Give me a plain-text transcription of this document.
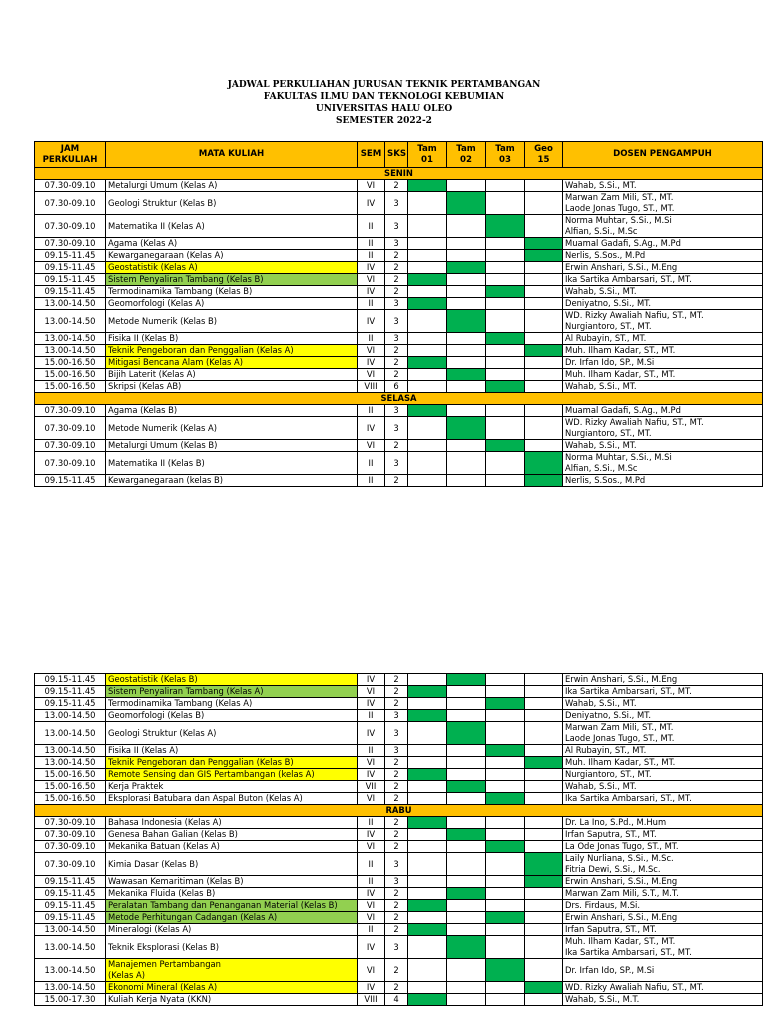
JADWAL PERKULIAHAN JURUSAN TEKNIK PERTAMBANGAN
FAKULTAS ILMU DAN TEKNOLOGI KEBUMIAN
UNIVERSITAS HALU OLEO
SEMESTER 2022-2
JAM PERKULIAH	MATA KULIAH	SEM	SKS	Tam 01	Tam 02	Tam 03	Geo 15	DOSEN PENGAMPUH
SENIN								
07.30-09.10	Metalurgi Umum (Kelas A)	VI	2					Wahab, S.Si., MT.

07.30-09.10	Geologi Struktur (Kelas B)	IV	3					Marwan Zam Mili, ST., MT.
Laode Jonas Tugo, ST., MT.

07.30-09.10	Matematika II (Kelas A)	II	3					Norma Muhtar, S.Si., M.Si
Alfian, S.Si., M.Sc

07.30-09.10	Agama (Kelas A)	II	3					Muamal Gadafi, S.Ag., M.Pd

09.15-11.45	Kewarganegaraan (Kelas A)	II	2					Nerlis, S.Sos., M.Pd

09.15-11.45	Geostatistik (Kelas A)	IV	2					Erwin Anshari, S.Si., M.Eng

09.15-11.45	Sistem Penyaliran Tambang (Kelas B)	VI	2					Ika Sartika Ambarsari, ST., MT.

09.15-11.45	Termodinamika Tambang (Kelas B)	IV	2					Wahab, S.Si., MT.

13.00-14.50	Geomorfologi (Kelas A)	II	3					Deniyatno, S.Si., MT.

13.00-14.50	Metode Numerik (Kelas B)	IV	3					WD. Rizky Awaliah Nafiu, ST., MT.
Nurgiantoro, ST., MT.

13.00-14.50	Fisika II (Kelas B)	II	3					Al Rubayin, ST., MT.

13.00-14.50	Teknik Pengeboran dan Penggalian (Kelas A)	VI	2					Muh. Ilham Kadar, ST., MT.

15.00-16.50	Mitigasi Bencana Alam (Kelas A)	IV	2					Dr. Irfan Ido, SP., M.Si

15.00-16.50	Bijih Laterit (Kelas A)	VI	2					Muh. Ilham Kadar, ST., MT.

15.00-16.50	Skripsi (Kelas AB)	VIII	6					Wahab, S.Si., MT.

SELASA								
07.30-09.10	Agama (Kelas B)	II	3					Muamal Gadafi, S.Ag., M.Pd

07.30-09.10	Metode Numerik (Kelas A)	IV	3					WD. Rizky Awaliah Nafiu, ST., MT.
Nurgiantoro, ST., MT.

07.30-09.10	Metalurgi Umum (Kelas B)	VI	2					Wahab, S.Si., MT.

07.30-09.10	Matematika II (Kelas B)	II	3					Norma Muhtar, S.Si., M.Si
Alfian, S.Si., M.Sc

09.15-11.45	Kewarganegaraan (kelas B)	II	2					Nerlis, S.Sos., M.Pd
09.15-11.45	Geostatistik (Kelas B)	IV	2					Erwin Anshari, S.Si., M.Eng

09.15-11.45	Sistem Penyaliran Tambang (Kelas A)	VI	2					Ika Sartika Ambarsari, ST., MT.

09.15-11.45	Termodinamika Tambang (Kelas A)	IV	2					Wahab, S.Si., MT.

13.00-14.50	Geomorfologi (Kelas B)	II	3					Deniyatno, S.Si., MT.

13.00-14.50	Geologi Struktur (Kelas A)	IV	3					Marwan Zam Mili, ST., MT.
Laode Jonas Tugo, ST., MT.

13.00-14.50	Fisika II (Kelas A)	II	3					Al Rubayin, ST., MT.

13.00-14.50	Teknik Pengeboran dan Penggalian (Kelas B)	VI	2					Muh. Ilham Kadar, ST., MT.

15.00-16.50	Remote Sensing dan GIS Pertambangan (kelas A)	IV	2					Nurgiantoro, ST., MT.

15.00-16.50	Kerja Praktek	VII	2					Wahab, S.Si., MT.

15.00-16.50	Eksplorasi Batubara dan Aspal Buton (Kelas A)	VI	2					Ika Sartika Ambarsari, ST., MT.

RABU								
07.30-09.10	Bahasa Indonesia (Kelas A)	II	2					Dr. La Ino, S.Pd., M.Hum

07.30-09.10	Genesa Bahan Galian (Kelas B)	IV	2					Irfan Saputra, ST., MT.

07.30-09.10	Mekanika Batuan (Kelas A)	VI	2					La Ode Jonas Tugo, ST., MT.

07.30-09.10	Kimia Dasar (Kelas B)	II	3					Laily Nurliana, S.Si., M.Sc.
Fitria Dewi, S.Si., M.Sc.

09.15-11.45	Wawasan Kemaritiman (Kelas B)	II	3					Erwin Anshari, S.Si., M.Eng

09.15-11.45	Mekanika Fluida (Kelas B)	IV	2					Marwan Zam Mili, S.T., M.T.

09.15-11.45	Peralatan Tambang dan Penanganan Material (Kelas B)	VI	2					Drs. Firdaus, M.Si.

09.15-11.45	Metode Perhitungan Cadangan (Kelas A)	VI	2					Erwin Anshari, S.Si., M.Eng

13.00-14.50	Mineralogi (Kelas A)	II	2					Irfan Saputra, ST., MT.

13.00-14.50	Teknik Eksplorasi (Kelas B)	IV	3					Muh. Ilham Kadar, ST., MT.
Ika Sartika Ambarsari, ST., MT.

13.00-14.50	Manajemen Pertambangan
(Kelas A)	VI	2					Dr. Irfan Ido, SP., M.Si

13.00-14.50	Ekonomi Mineral (Kelas A)	IV	2					WD. Rizky Awaliah Nafiu, ST., MT.

15.00-17.30	Kuliah Kerja Nyata (KKN)	VIII	4					Wahab, S.Si., M.T.
